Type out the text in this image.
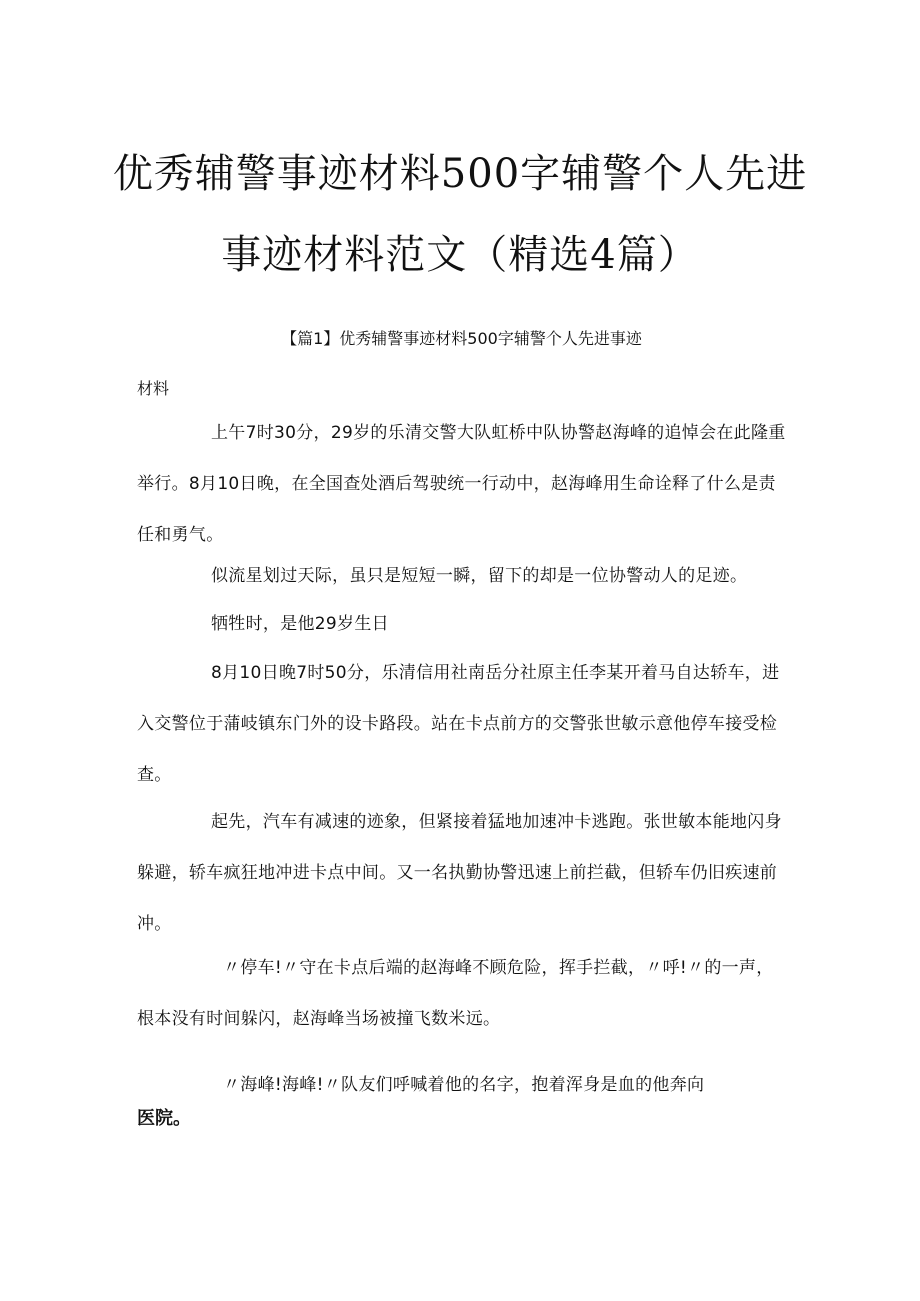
优秀辅警事迹材料500字辅警个人先进
事迹材料范文（精选4篇）
【篇1】优秀辅警事迹材料500字辅警个人先进事迹
材料
上午7时30分，29岁的乐清交警大队虹桥中队协警赵海峰的追悼会在此隆重举行。8月10日晚，在全国查处酒后驾驶统一行动中，赵海峰用生命诠释了什么是责任和勇气。
似流星划过天际，虽只是短短一瞬，留下的却是一位协警动人的足迹。
牺牲时，是他29岁生日
8月10日晚7时50分，乐清信用社南岳分社原主任李某开着马自达轿车，进入交警位于蒲岐镇东门外的设卡路段。站在卡点前方的交警张世敏示意他停车接受检查。
起先，汽车有减速的迹象，但紧接着猛地加速冲卡逃跑。张世敏本能地闪身躲避，轿车疯狂地冲进卡点中间。又一名执勤协警迅速上前拦截，但轿车仍旧疾速前冲。
〃停车!〃守在卡点后端的赵海峰不顾危险，挥手拦截，〃呼!〃的一声，根本没有时间躲闪，赵海峰当场被撞飞数米远。
〃海峰!海峰!〃队友们呼喊着他的名字，抱着浑身是血的他奔向
医院。
